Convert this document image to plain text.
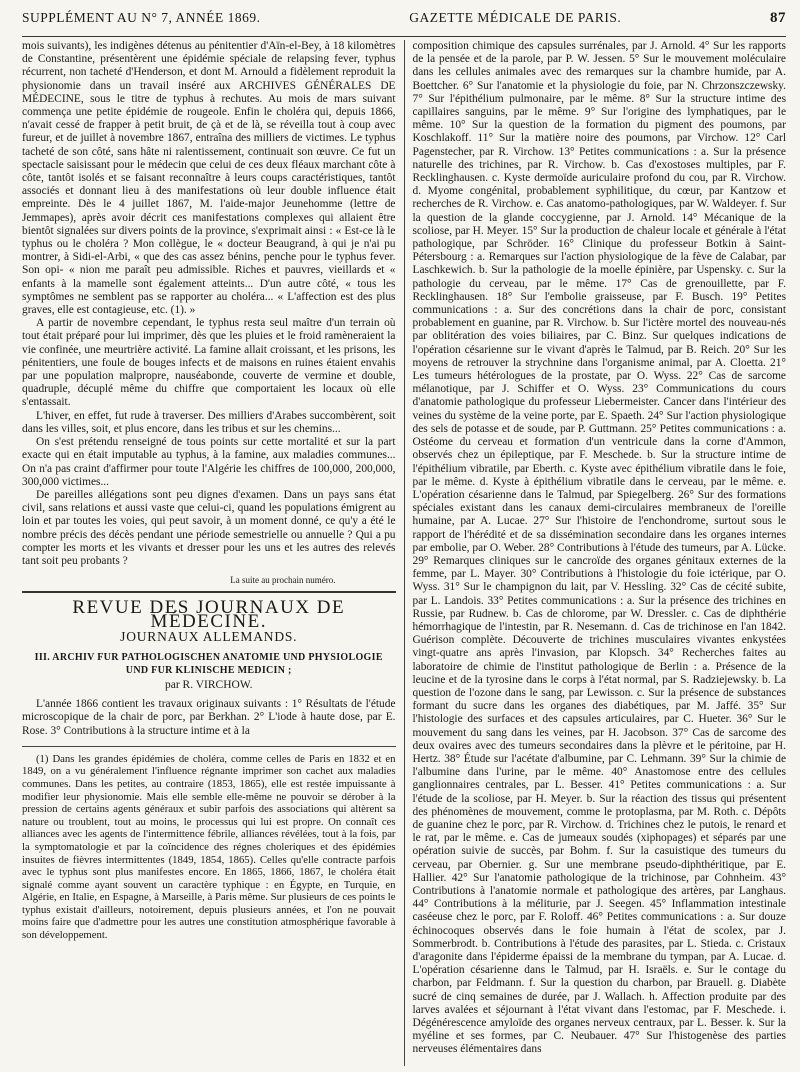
SUPPLÉMENT AU N° 7, ANNÉE 1869.	GAZETTE MÉDICALE DE PARIS.	87

mois suivants), les indigènes détenus au pénitentier d'Aïn-el-Bey, à 18 kilomètres de Constantine, présentèrent une épidémie spéciale de relapsing fever, typhus récurrent, non tacheté d'Henderson, et dont M. Arnould a fidèlement reproduit la physionomie dans un travail inséré aux ARCHIVES GÉNÉRALES DE MÉDECINE, sous le titre de typhus à rechutes. Au mois de mars suivant commença une petite épidémie de rougeole. Enfin le choléra qui, depuis 1866, n'avait cessé de frapper à petit bruit, de çà et de là, se réveilla tout à coup avec fureur, et de juillet à novembre 1867, entraîna des milliers de victimes. Le typhus tacheté de son côté, sans hâte ni ralentissement, continuait son œuvre. Ce fut un spectacle saisissant pour le médecin que celui de ces deux fléaux marchant côte à côte, tantôt isolés et se faisant reconnaître à leurs coups caractéristiques, tantôt associés et donnant lieu à des manifestations où leur double influence était empreinte. Dès le 4 juillet 1867, M. l'aide-major Jeunehomme (lettre de Jemmapes), après avoir décrit ces manifestations complexes qui allaient être bientôt signalées sur divers points de la province, s'exprimait ainsi : « Est-ce là le typhus ou le choléra ? Mon collègue, le « docteur Beaugrand, à qui je n'ai pu montrer, à Sidi-el-Arbi, « que des cas assez bénins, penche pour le typhus fever. Son opi- « nion me paraît peu admissible. Riches et pauvres, vieillards et « enfants à la mamelle sont également atteints... D'un autre côté, « tous les symptômes ne semblent pas se rapporter au choléra... « L'affection est des plus graves, elle est contagieuse, etc. (1). »

A partir de novembre cependant, le typhus resta seul maître d'un terrain où tout était préparé pour lui imprimer, dès que les pluies et le froid ramèneraient la vie confinée, une meurtrière activité. La famine allait croissant, et les prisons, les pénitentiers, une foule de bouges infects et de maisons en ruines étaient envahis par une population malpropre, nauséabonde, couverte de vermine et double, quadruple, décuplé même du chiffre que comportaient les locaux où elle s'entassait.

L'hiver, en effet, fut rude à traverser. Des milliers d'Arabes succombèrent, soit dans les villes, soit, et plus encore, dans les tribus et sur les chemins...

On s'est prétendu renseigné de tous points sur cette mortalité et sur la part exacte qui en était imputable au typhus, à la famine, aux maladies communes... On n'a pas craint d'affirmer pour toute l'Algérie les chiffres de 100,000, 200,000, 300,000 victimes...

De pareilles allégations sont peu dignes d'examen. Dans un pays sans état civil, sans relations et aussi vaste que celui-ci, quand les populations émigrent au loin et par toutes les voies, qui peut savoir, à un moment donné, ce qu'y a été le nombre précis des décès pendant une période semestrielle ou annuelle ? Qui a pu compter les morts et les vivants et dresser pour les uns et les autres des relevés tant soit peu probants ?

La suite au prochain numéro.
REVUE DES JOURNAUX DE MÉDECINE.
JOURNAUX ALLEMANDS.
III. ARCHIV FUR PATHOLOGISCHEN ANATOMIE UND PHYSIOLOGIE UND FUR KLINISCHE MEDICIN ;
par R. VIRCHOW.

L'année 1866 contient les travaux originaux suivants : 1° Résultats de l'étude microscopique de la chair de porc, par Berkhan. 2° L'iode à haute dose, par E. Rose. 3° Contributions à la structure intime et à la

(1) Dans les grandes épidémies de choléra, comme celles de Paris en 1832 et en 1849, on a vu généralement l'influence régnante imprimer son cachet aux maladies communes. Dans les petites, au contraire (1853, 1865), elle est restée impuissante à modifier leur physionomie. Mais elle semble elle-même ne pouvoir se dérober à la pression de certains agents généraux et subir parfois des associations qui altèrent sa nature ou troublent, tout au moins, le processus qui lui est propre. On connaît ces alliances avec les agents de l'intermittence fébrile, alliances révélées, tout à la fois, par la symptomatologie et par la coïncidence des régnes choleriques et des épidémies insuites de fièvres intermittentes (1849, 1854, 1865). Celles qu'elle contracte parfois avec le typhus sont plus manifestes encore. En 1865, 1866, 1867, le choléra était signalé comme ayant souvent un caractère typhique : en Égypte, en Turquie, en Algérie, en Italie, en Espagne, à Marseille, à Paris même. Sur plusieurs de ces points le typhus existait d'ailleurs, notoirement, depuis plusieurs années, et l'on ne pouvait moins faire que d'admettre pour les autres une constitution atmosphérique favorable à son développement.

composition chimique des capsules surrénales, par J. Arnold. 4° Sur les rapports de la pensée et de la parole, par P. W. Jessen. 5° Sur le mouvement moléculaire dans les cellules animales avec des remarques sur la chambre humide, par A. Boettcher. 6° Sur l'anatomie et la physiologie du foie, par N. Chrzonszczewsky. 7° Sur l'épithélium pulmonaire, par le même. 8° Sur la structure intime des capillaires sanguins, par le même. 9° Sur l'origine des lymphatiques, par le même. 10° Sur la question de la formation du pigment des poumons, par Koschlakoff. 11° Sur la matière noire des poumons, par Virchow. 12° Carl Pagenstecher, par R. Virchow. 13° Petites communications : a. Sur la présence naturelle des trichines, par R. Virchow. b. Cas d'exostoses multiples, par F. Recklinghausen. c. Kyste dermoïde auriculaire profond du cou, par R. Virchow. d. Myome congénital, probablement syphilitique, du cœur, par Kantzow et recherches de R. Virchow. e. Cas anatomo-pathologiques, par W. Waldeyer. f. Sur la question de la glande coccygienne, par J. Arnold. 14° Mécanique de la scoliose, par H. Meyer. 15° Sur la production de chaleur locale et générale à l'état pathologique, par Schröder. 16° Clinique du professeur Botkin à Saint-Pétersbourg : a. Remarques sur l'action physiologique de la fève de Calabar, par Laschkewich. b. Sur la pathologie de la moelle épinière, par Uspensky. c. Sur la pathologie du cerveau, par le même. 17° Cas de grenouillette, par F. Recklinghausen. 18° Sur l'embolie graisseuse, par F. Busch. 19° Petites communications : a. Sur des concrétions dans la chair de porc, consistant probablement en guanine, par R. Virchow. b. Sur l'ictère mortel des nouveau-nés par oblitération des voies biliaires, par C. Binz. Sur quelques indications de l'opération césarienne sur le vivant d'après le Talmud, par B. Reich. 20° Sur les moyens de retrouver la strychnine dans l'organisme animal, par A. Cloetta. 21° Les tumeurs hétérologues de la prostate, par O. Wyss. 22° Cas de sarcome mélanotique, par J. Schiffer et O. Wyss. 23° Communications du cours d'anatomie pathologique du professeur Liebermeister. Cancer dans l'intérieur des veines du système de la veine porte, par E. Spaeth. 24° Sur l'action physiologique des sels de potasse et de soude, par P. Guttmann. 25° Petites communications : a. Ostéome du cerveau et formation d'un ventricule dans la corne d'Ammon, observés chez un épileptique, par F. Meschede. b. Sur la structure intime de l'épithélium vibratile, par Eberth. c. Kyste avec épithélium vibratile dans le foie, par le même. d. Kyste à épithélium vibratile dans le cerveau, par le même. e. L'opération césarienne dans le Talmud, par Spiegelberg. 26° Sur des formations spéciales existant dans les canaux demi-circulaires membraneux de l'oreille humaine, par A. Lucae. 27° Sur l'histoire de l'enchondrome, surtout sous le rapport de l'hérédité et de sa dissémination secondaire dans les organes internes par embolie, par O. Weber. 28° Contributions à l'étude des tumeurs, par A. Lücke. 29° Remarques cliniques sur le cancroïde des organes génitaux externes de la femme, par L. Mayer. 30° Contributions à l'histologie du foie ictérique, par O. Wyss. 31° Sur le champignon du lait, par V. Hessling. 32° Cas de cécité subite, par L. Landois. 33° Petites communications : a. Sur la présence des trichines en Russie, par Rudnew. b. Cas de chlorome, par W. Dressler. c. Cas de diphthérie hémorrhagique de l'intestin, par R. Nesemann. d. Cas de trichinose en l'an 1842. Guérison complète. Découverte de trichines musculaires vivantes enkystées vingt-quatre ans après l'invasion, par Klopsch. 34° Recherches faites au laboratoire de chimie de l'institut pathologique de Berlin : a. Présence de la leucine et de la tyrosine dans le corps à l'état normal, par S. Radziejewsky. b. La question de l'ozone dans le sang, par Lewisson. c. Sur la présence de substances formant du sucre dans les organes des diabétiques, par M. Jaffé. 35° Sur l'histologie des surfaces et des capsules articulaires, par C. Hueter. 36° Sur le mouvement du sang dans les veines, par H. Jacobson. 37° Cas de sarcome des deux ovaires avec des tumeurs secondaires dans la plèvre et le péritoine, par H. Hertz. 38° Étude sur l'acétate d'albumine, par C. Lehmann. 39° Sur la chimie de l'albumine dans l'urine, par le même. 40° Anastomose entre des cellules ganglionnaires centrales, par L. Besser. 41° Petites communications : a. Sur l'étude de la scoliose, par H. Meyer. b. Sur la réaction des tissus qui présentent des phénomènes de mouvement, comme le protoplasma, par M. Roth. c. Dépôts de guanine chez le porc, par R. Virchow. d. Trichines chez le putois, le renard et le rat, par le même. e. Cas de jumeaux soudés (xiphopages) et séparés par une opération suivie de succès, par Bohm. f. Sur la casuistique des tumeurs du cerveau, par Obernier. g. Sur une membrane pseudo-diphthéritique, par E. Hallier. 42° Sur l'anatomie pathologique de la trichinose, par Cohnheim. 43° Contributions à l'anatomie normale et pathologique des artères, par Langhaus. 44° Contributions à la méliturie, par J. Seegen. 45° Inflammation intestinale caséeuse chez le porc, par F. Roloff. 46° Petites communications : a. Sur douze échinocoques observés dans le foie humain à l'état de scolex, par J. Sommerbrodt. b. Contributions à l'étude des parasites, par L. Stieda. c. Cristaux d'aragonite dans l'épiderme épaissi de la membrane du tympan, par A. Lucae. d. L'opération césarienne dans le Talmud, par H. Israëls. e. Sur le contage du charbon, par Feldmann. f. Sur la question du charbon, par Brauell. g. Diabète sucré de cinq semaines de durée, par J. Wallach. h. Affection produite par des larves avalées et séjournant à l'état vivant dans l'estomac, par F. Meschede. i. Dégénérescence amyloïde des organes nerveux centraux, par L. Besser. k. Sur la myéline et ses formes, par C. Neubauer. 47° Sur l'histogenèse des parties nerveuses élémentaires dans
